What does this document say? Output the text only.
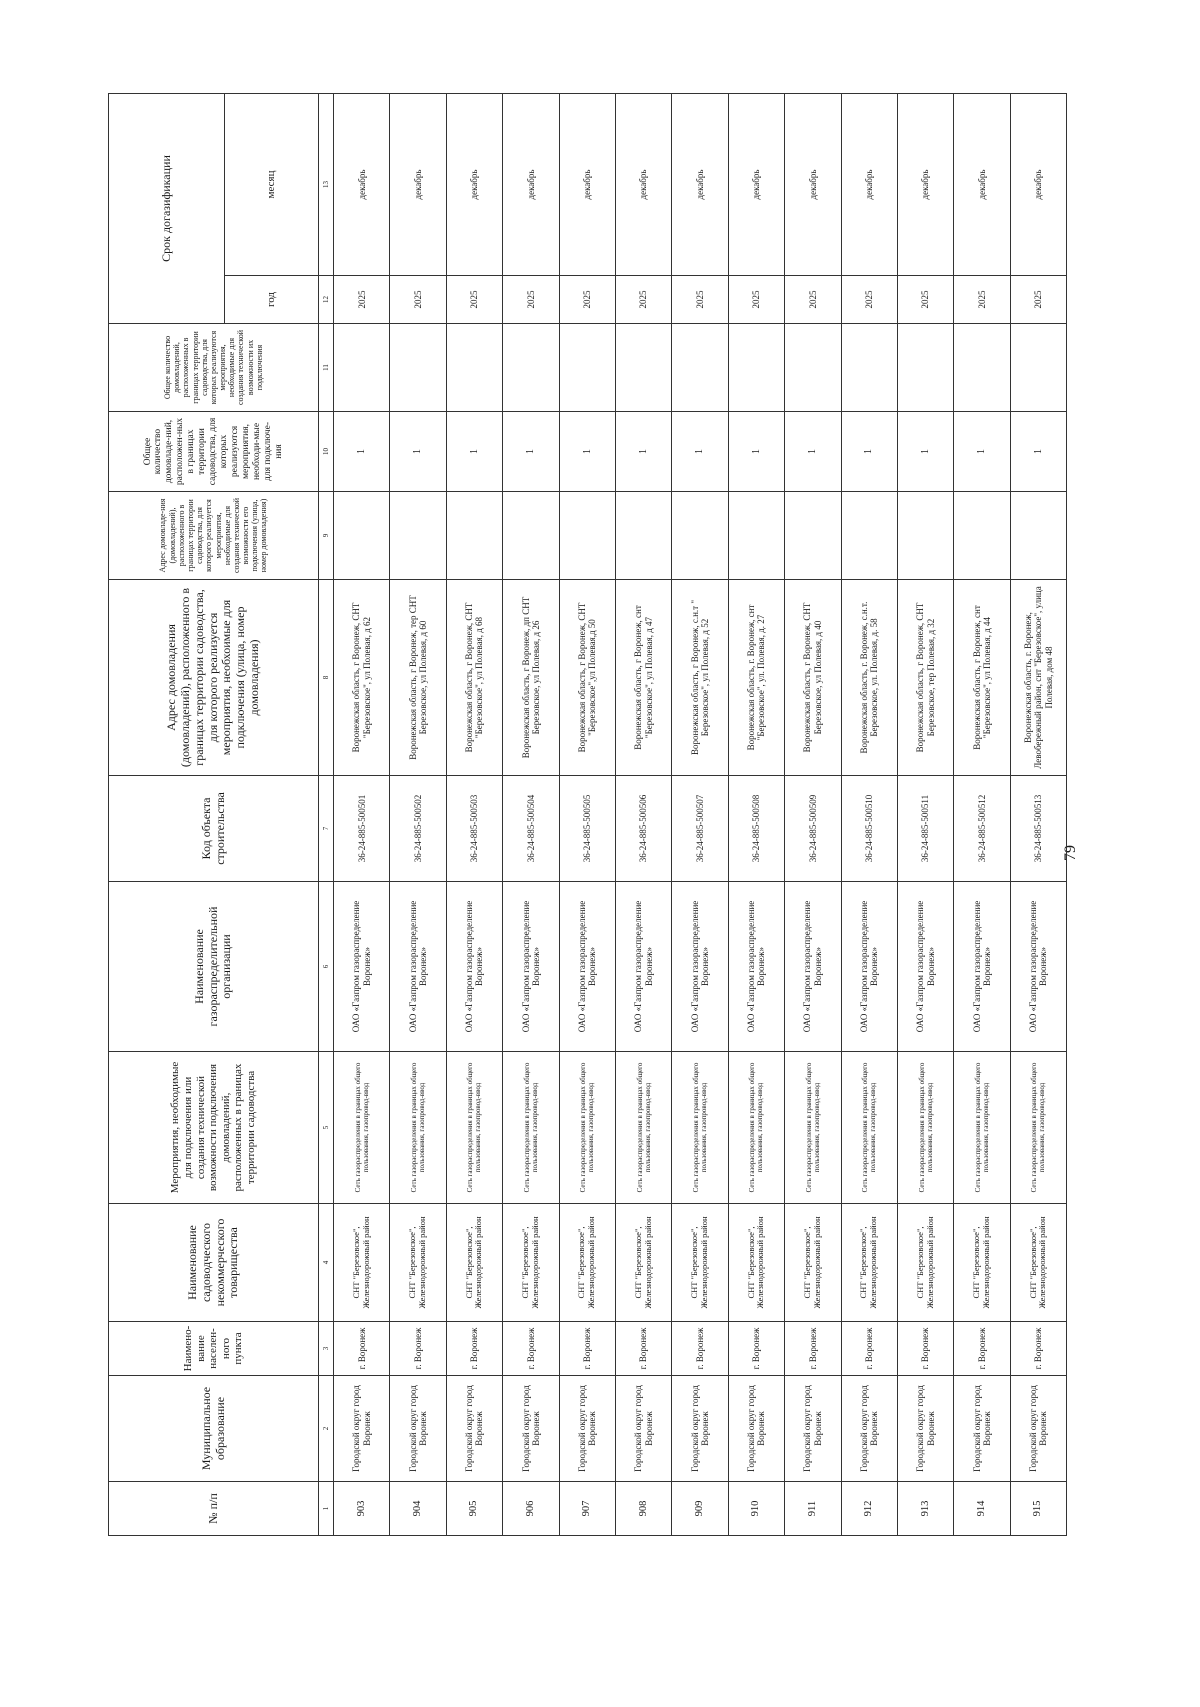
79
№ п/п	Муниципальное образование	Наимено-вание населен-ного пункта	Наименование садоводческого некоммерческого товарищества	Мероприятия, необходимые для подключения или создания технической возможности подключения домовладений, расположенных в границах территории садоводства	Наименование газораспределительной организации	Код объекта строительства	Адрес домовладения (домовладений), расположенного в границах территории садоводства, для которого реализуется мероприятия, необхоимые для подключения (улица, номер домовладения)	Адрес домовладе-ния (домовладений), расположенного в границах территории садоводства, для которого реализуется мероприятия, необходимые для создания технической возможности его подключения (улица, номер домовладения)	Общее количество домовладе-ний, расположен-ных в границах территории садоводства, для которых реализуются мероприятия, необходи-мые для подключе-ния	Общее количество домовладений, расположенных в границах территории садоводства, для которых реализуются мероприятия, необходимые для создания технической возможности их подключения	Срок догазификации	
											год	месяц
1	2	3	4	5	6	7	8	9	10	11	12	13
903	Городской округ город Воронеж	г. Воронеж	СНТ "Березовское", Железнодорожный район	Сеть газораспределения в границах общего пользования, газопровод-ввод	ОАО «Газпром газораспределение Воронеж»	36-24-885-500501	Воронежская область, г Воронеж, СНТ "Березовское", ул Полевая, д 62		1		2025	декабрь
904	Городской округ город Воронеж	г. Воронеж	СНТ "Березовское", Железнодорожный район	Сеть газораспределения в границах общего пользования, газопровод-ввод	ОАО «Газпром газораспределение Воронеж»	36-24-885-500502	Воронежская область, г Воронеж, тер СНТ Березовское, ул Полевая, д 60		1		2025	декабрь
905	Городской округ город Воронеж	г. Воронеж	СНТ "Березовское", Железнодорожный район	Сеть газораспределения в границах общего пользования, газопровод-ввод	ОАО «Газпром газораспределение Воронеж»	36-24-885-500503	Воронежская область, г Воронеж, СНТ "Березовское", ул Полевая, д 68		1		2025	декабрь
906	Городской округ город Воронеж	г. Воронеж	СНТ "Березовское", Железнодорожный район	Сеть газораспределения в границах общего пользования, газопровод-ввод	ОАО «Газпром газораспределение Воронеж»	36-24-885-500504	Воронежская область, г Воронеж, дп СНТ Березовское, ул Полевая, д 26		1		2025	декабрь
907	Городской округ город Воронеж	г. Воронеж	СНТ "Березовское", Железнодорожный район	Сеть газораспределения в границах общего пользования, газопровод-ввод	ОАО «Газпром газораспределение Воронеж»	36-24-885-500505	Воронежская область, г Воронеж, СНТ "Березовское",ул Полевая,д 50		1		2025	декабрь
908	Городской округ город Воронеж	г. Воронеж	СНТ "Березовское", Железнодорожный район	Сеть газораспределения в границах общего пользования, газопровод-ввод	ОАО «Газпром газораспределение Воронеж»	36-24-885-500506	Воронежская область, г Воронеж, снт "Березовское", ул Полевая, д 47		1		2025	декабрь
909	Городской округ город Воронеж	г. Воронеж	СНТ "Березовское", Железнодорожный район	Сеть газораспределения в границах общего пользования, газопровод-ввод	ОАО «Газпром газораспределение Воронеж»	36-24-885-500507	Воронежская область, г Воронеж, с.н.т " Березовское", ул Полевая, д 52		1		2025	декабрь
910	Городской округ город Воронеж	г. Воронеж	СНТ "Березовское", Железнодорожный район	Сеть газораспределения в границах общего пользования, газопровод-ввод	ОАО «Газпром газораспределение Воронеж»	36-24-885-500508	Воронежская область, г. Воронеж, снт "Березовское", ул. Полевая, д. 27		1		2025	декабрь
911	Городской округ город Воронеж	г. Воронеж	СНТ "Березовское", Железнодорожный район	Сеть газораспределения в границах общего пользования, газопровод-ввод	ОАО «Газпром газораспределение Воронеж»	36-24-885-500509	Воронежская область, г Воронеж, СНТ Березовское, ул Полевая, д 40		1		2025	декабрь
912	Городской округ город Воронеж	г. Воронеж	СНТ "Березовское", Железнодорожный район	Сеть газораспределения в границах общего пользования, газопровод-ввод	ОАО «Газпром газораспределение Воронеж»	36-24-885-500510	Воронежская область, г. Воронеж, с.н.т. Березовское, ул. Полевая, д. 58		1		2025	декабрь
913	Городской округ город Воронеж	г. Воронеж	СНТ "Березовское", Железнодорожный район	Сеть газораспределения в границах общего пользования, газопровод-ввод	ОАО «Газпром газораспределение Воронеж»	36-24-885-500511	Воронежская область, г Воронеж, СНТ Березовское, тер Полевая, д 32		1		2025	декабрь
914	Городской округ город Воронеж	г. Воронеж	СНТ "Березовское", Железнодорожный район	Сеть газораспределения в границах общего пользования, газопровод-ввод	ОАО «Газпром газораспределение Воронеж»	36-24-885-500512	Воронежская область, г Воронеж, снт "Березовское", ул Полевая, д 44		1		2025	декабрь
915	Городской округ город Воронеж	г. Воронеж	СНТ "Березовское", Железнодорожный район	Сеть газораспределения в границах общего пользования, газопровод-ввод	ОАО «Газпром газораспределение Воронеж»	36-24-885-500513	Воронежская область, г. Воронеж, Левобережный район, снт "Березовское", улица Полевая, дом 48		1		2025	декабрь
